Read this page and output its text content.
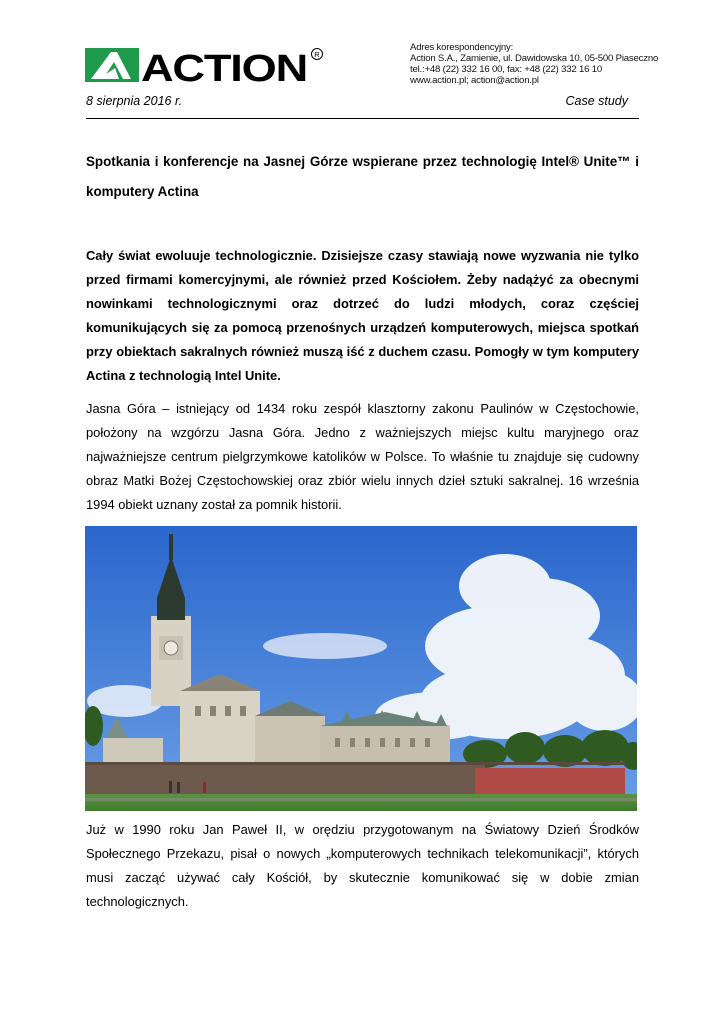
ACTION R
Adres korespondencyjny:
Action S.A., Zamienie, ul. Dawidowska 10, 05-500 Piaseczno
tel.:+48 (22) 332 16 00, fax: +48 (22) 332 16 10
www.action.pl; action@action.pl
8 sierpnia 2016 r.	Case study
Spotkania i konferencje na Jasnej Górze wspierane przez technologię Intel® Unite™ i komputery Actina

Cały świat ewoluuje technologicznie. Dzisiejsze czasy stawiają nowe wyzwania nie tylko przed firmami komercyjnymi, ale również przed Kościołem. Żeby nadążyć za obecnymi nowinkami technologicznymi oraz dotrzeć do ludzi młodych, coraz częściej komunikujących się za pomocą przenośnych urządzeń komputerowych, miejsca spotkań przy obiektach sakralnych również muszą iść z duchem czasu. Pomogły w tym komputery Actina z technologią Intel Unite.

Jasna Góra – istniejący od 1434 roku zespół klasztorny zakonu Paulinów w Częstochowie, położony na wzgórzu Jasna Góra. Jedno z ważniejszych miejsc kultu maryjnego oraz najważniejsze centrum pielgrzymkowe katolików w Polsce. To właśnie tu znajduje się cudowny obraz Matki Bożej Częstochowskiej oraz zbiór wielu innych dzieł sztuki sakralnej. 16 września 1994 obiekt uznany został za pomnik historii.

Już w 1990 roku Jan Paweł II, w orędziu przygotowanym na Światowy Dzień Środków Społecznego Przekazu, pisał o nowych „komputerowych technikach telekomunikacji”, których musi zacząć używać cały Kościół, by skutecznie komunikować się w dobie zmian technologicznych.
